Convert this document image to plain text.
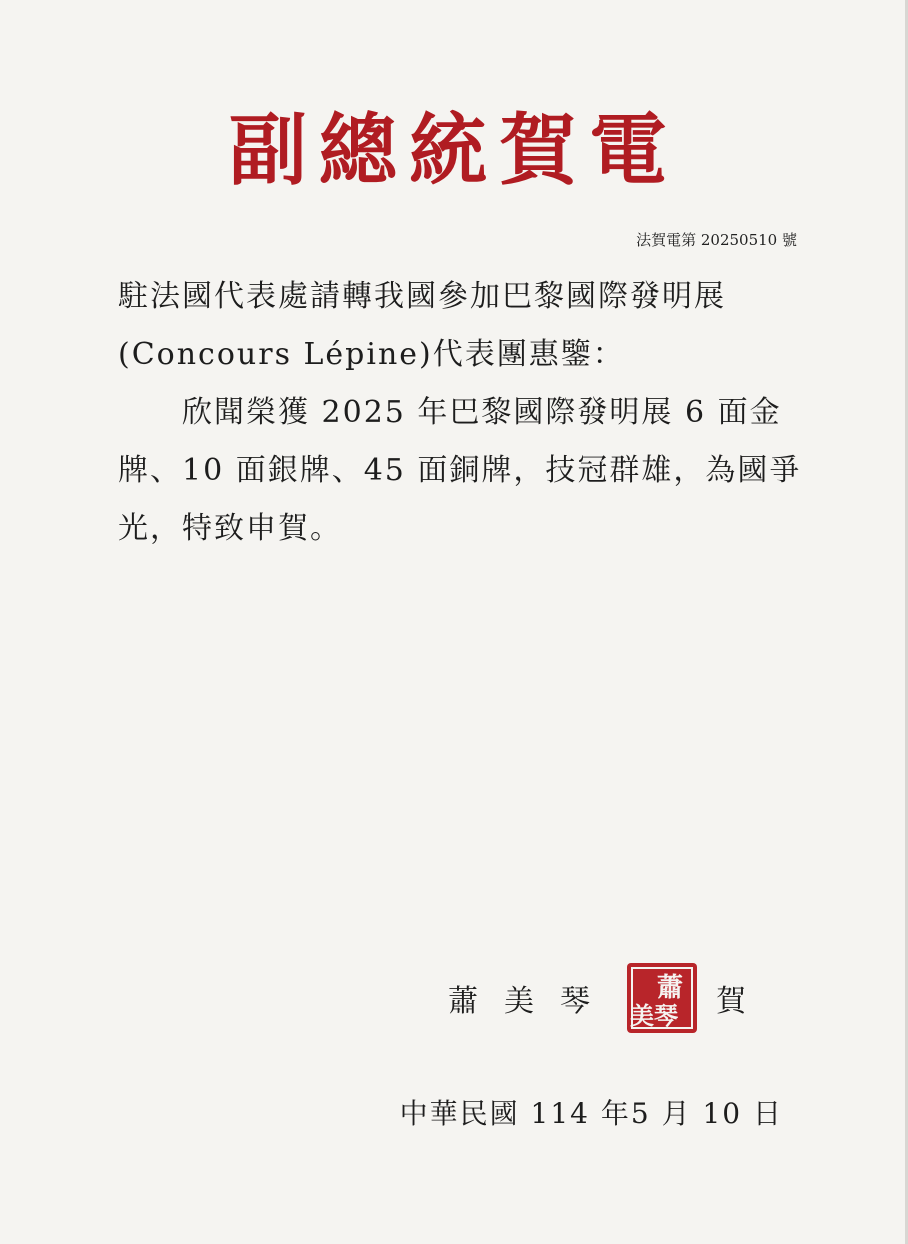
副總統賀電
法賀電第 20250510 號

駐法國代表處請轉我國參加巴黎國際發明展(Concours Lépine)代表團惠鑒：

欣聞榮獲 2025 年巴黎國際發明展 6 面金牌、10 面銀牌、45 面銅牌，技冠群雄，為國爭光，特致申賀。

蕭美琴 蕭
美琴 賀
中華民國 114 年5 月 10 日
